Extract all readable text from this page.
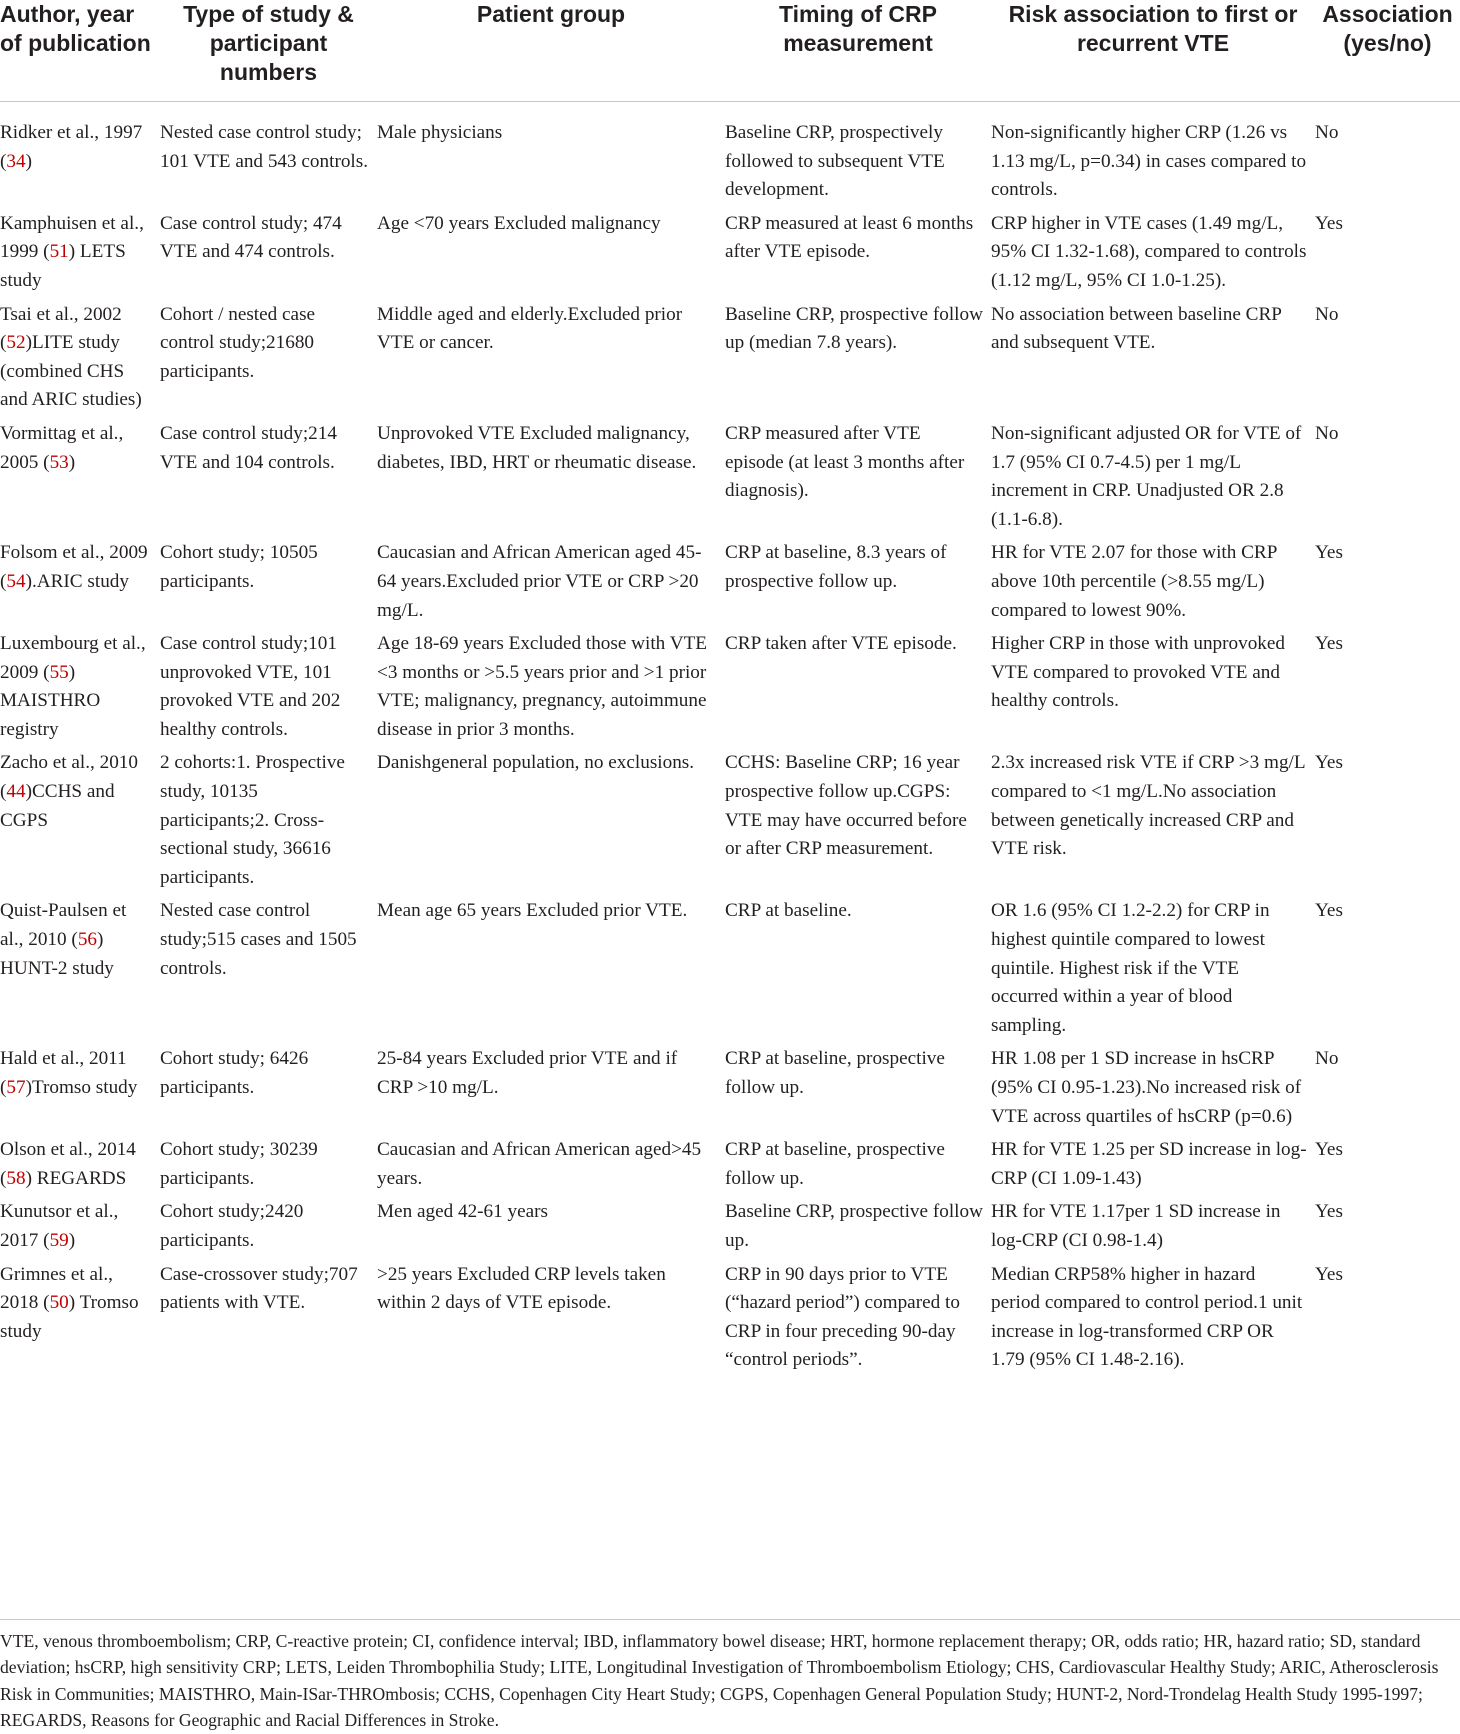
Author, year of publication	Type of study & participant numbers	Patient group	Timing of CRP measurement	Risk association to first or recurrent VTE	Association (yes/no)

Ridker et al., 1997 (34)	Nested case control study; 101 VTE and 543 controls.	Male physicians	Baseline CRP, prospectively followed to subsequent VTE development.	Non-significantly higher CRP (1.26 vs 1.13 mg/L, p=0.34) in cases compared to controls.	No

Kamphuisen et al., 1999 (51) LETS study	Case control study; 474 VTE and 474 controls.	Age <70 years Excluded malignancy	CRP measured at least 6 months after VTE episode.	CRP higher in VTE cases (1.49 mg/L, 95% CI 1.32-1.68), compared to controls (1.12 mg/L, 95% CI 1.0-1.25).	Yes

Tsai et al., 2002 (52)LITE study (combined CHS and ARIC studies)	Cohort / nested case control study;21680 participants.	Middle aged and elderly.Excluded prior VTE or cancer.	Baseline CRP, prospective follow up (median 7.8 years).	No association between baseline CRP and subsequent VTE.	No

Vormittag et al., 2005 (53)	Case control study;214 VTE and 104 controls.	Unprovoked VTE Excluded malignancy, diabetes, IBD, HRT or rheumatic disease.	CRP measured after VTE episode (at least 3 months after diagnosis).	Non-significant adjusted OR for VTE of 1.7 (95% CI 0.7-4.5) per 1 mg/L increment in CRP. Unadjusted OR 2.8 (1.1-6.8).	No

Folsom et al., 2009 (54).ARIC study	Cohort study; 10505 participants.	Caucasian and African American aged 45-64 years.Excluded prior VTE or CRP >20 mg/L.	CRP at baseline, 8.3 years of prospective follow up.	HR for VTE 2.07 for those with CRP above 10th percentile (>8.55 mg/L) compared to lowest 90%.	Yes

Luxembourg et al., 2009 (55) MAISTHRO registry	Case control study;101 unprovoked VTE, 101 provoked VTE and 202 healthy controls.	Age 18-69 years Excluded those with VTE <3 months or >5.5 years prior and >1 prior VTE; malignancy, pregnancy, autoimmune disease in prior 3 months.	CRP taken after VTE episode.	Higher CRP in those with unprovoked VTE compared to provoked VTE and healthy controls.	Yes

Zacho et al., 2010 (44)CCHS and CGPS	2 cohorts:1. Prospective study, 10135 participants;2. Cross-sectional study, 36616 participants.	Danishgeneral population, no exclusions.	CCHS: Baseline CRP; 16 year prospective follow up.CGPS: VTE may have occurred before or after CRP measurement.	2.3x increased risk VTE if CRP >3 mg/L compared to <1 mg/L.No association between genetically increased CRP and VTE risk.	Yes

Quist-Paulsen et al., 2010 (56) HUNT-2 study	Nested case control study;515 cases and 1505 controls.	Mean age 65 years Excluded prior VTE.	CRP at baseline.	OR 1.6 (95% CI 1.2-2.2) for CRP in highest quintile compared to lowest quintile. Highest risk if the VTE occurred within a year of blood sampling.	Yes

Hald et al., 2011 (57)Tromso study	Cohort study; 6426 participants.	25-84 years Excluded prior VTE and if CRP >10 mg/L.	CRP at baseline, prospective follow up.	HR 1.08 per 1 SD increase in hsCRP (95% CI 0.95-1.23).No increased risk of VTE across quartiles of hsCRP (p=0.6)	No

Olson et al., 2014 (58) REGARDS	Cohort study; 30239 participants.	Caucasian and African American aged>45 years.	CRP at baseline, prospective follow up.	HR for VTE 1.25 per SD increase in log-CRP (CI 1.09-1.43)	Yes

Kunutsor et al., 2017 (59)	Cohort study;2420 participants.	Men aged 42-61 years	Baseline CRP, prospective follow up.	HR for VTE 1.17per 1 SD increase in log-CRP (CI 0.98-1.4)	Yes

Grimnes et al., 2018 (50) Tromso study	Case-crossover study;707 patients with VTE.	>25 years Excluded CRP levels taken within 2 days of VTE episode.	CRP in 90 days prior to VTE (“hazard period”) compared to CRP in four preceding 90-day “control periods”.	Median CRP58% higher in hazard period compared to control period.1 unit increase in log-transformed CRP OR 1.79 (95% CI 1.48-2.16).	Yes
VTE, venous thromboembolism; CRP, C-reactive protein; CI, confidence interval; IBD, inflammatory bowel disease; HRT, hormone replacement therapy; OR, odds ratio; HR, hazard ratio; SD, standard deviation; hsCRP, high sensitivity CRP; LETS, Leiden Thrombophilia Study; LITE, Longitudinal Investigation of Thromboembolism Etiology; CHS, Cardiovascular Healthy Study; ARIC, Atherosclerosis Risk in Communities; MAISTHRO, Main-ISar-THROmbosis; CCHS, Copenhagen City Heart Study; CGPS, Copenhagen General Population Study; HUNT-2, Nord-Trondelag Health Study 1995-1997; REGARDS, Reasons for Geographic and Racial Differences in Stroke.
